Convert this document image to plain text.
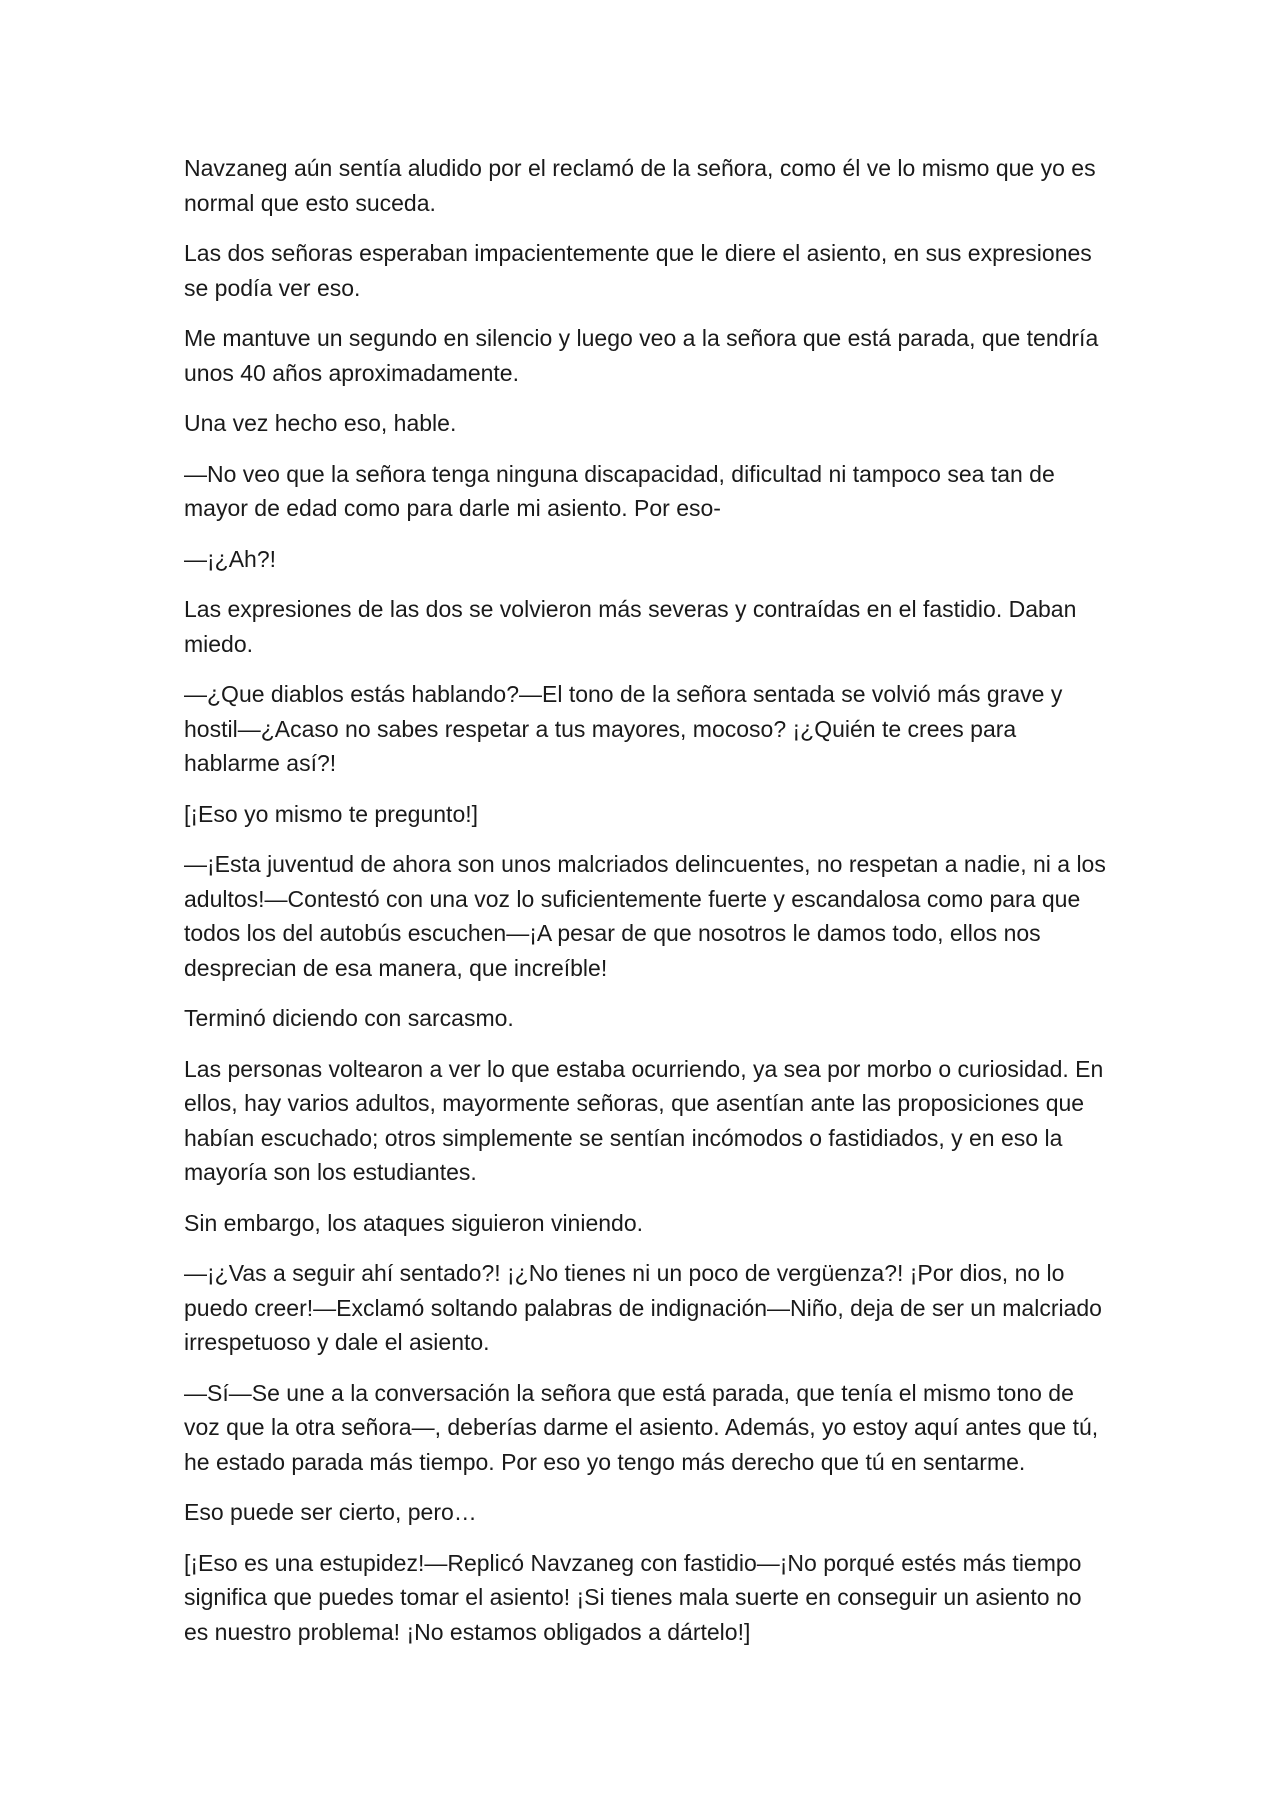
Navzaneg aún sentía aludido por el reclamó de la señora, como él ve lo mismo que yo es normal que esto suceda.

Las dos señoras esperaban impacientemente que le diere el asiento, en sus expresiones se podía ver eso.

Me mantuve un segundo en silencio y luego veo a la señora que está parada, que tendría unos 40 años aproximadamente.

Una vez hecho eso, hable.

—No veo que la señora tenga ninguna discapacidad, dificultad ni tampoco sea tan de mayor de edad como para darle mi asiento. Por eso-

—¡¿Ah?!

Las expresiones de las dos se volvieron más severas y contraídas en el fastidio. Daban miedo.

—¿Que diablos estás hablando?—El tono de la señora sentada se volvió más grave y hostil—¿Acaso no sabes respetar a tus mayores, mocoso? ¡¿Quién te crees para hablarme así?!

[¡Eso yo mismo te pregunto!]

—¡Esta juventud de ahora son unos malcriados delincuentes, no respetan a nadie, ni a los adultos!—Contestó con una voz lo suficientemente fuerte y escandalosa como para que todos los del autobús escuchen—¡A pesar de que nosotros le damos todo, ellos nos desprecian de esa manera, que increíble!

Terminó diciendo con sarcasmo.

Las personas voltearon a ver lo que estaba ocurriendo, ya sea por morbo o curiosidad. En ellos, hay varios adultos, mayormente señoras, que asentían ante las proposiciones que habían escuchado; otros simplemente se sentían incómodos o fastidiados, y en eso la mayoría son los estudiantes.

Sin embargo, los ataques siguieron viniendo.

—¡¿Vas a seguir ahí sentado?! ¡¿No tienes ni un poco de vergüenza?! ¡Por dios, no lo puedo creer!—Exclamó soltando palabras de indignación—Niño, deja de ser un malcriado irrespetuoso y dale el asiento.

—Sí—Se une a la conversación la señora que está parada, que tenía el mismo tono de voz que la otra señora—, deberías darme el asiento. Además, yo estoy aquí antes que tú, he estado parada más tiempo. Por eso yo tengo más derecho que tú en sentarme.

Eso puede ser cierto, pero…

[¡Eso es una estupidez!—Replicó Navzaneg con fastidio—¡No porqué estés más tiempo significa que puedes tomar el asiento! ¡Si tienes mala suerte en conseguir un asiento no es nuestro problema! ¡No estamos obligados a dártelo!]
